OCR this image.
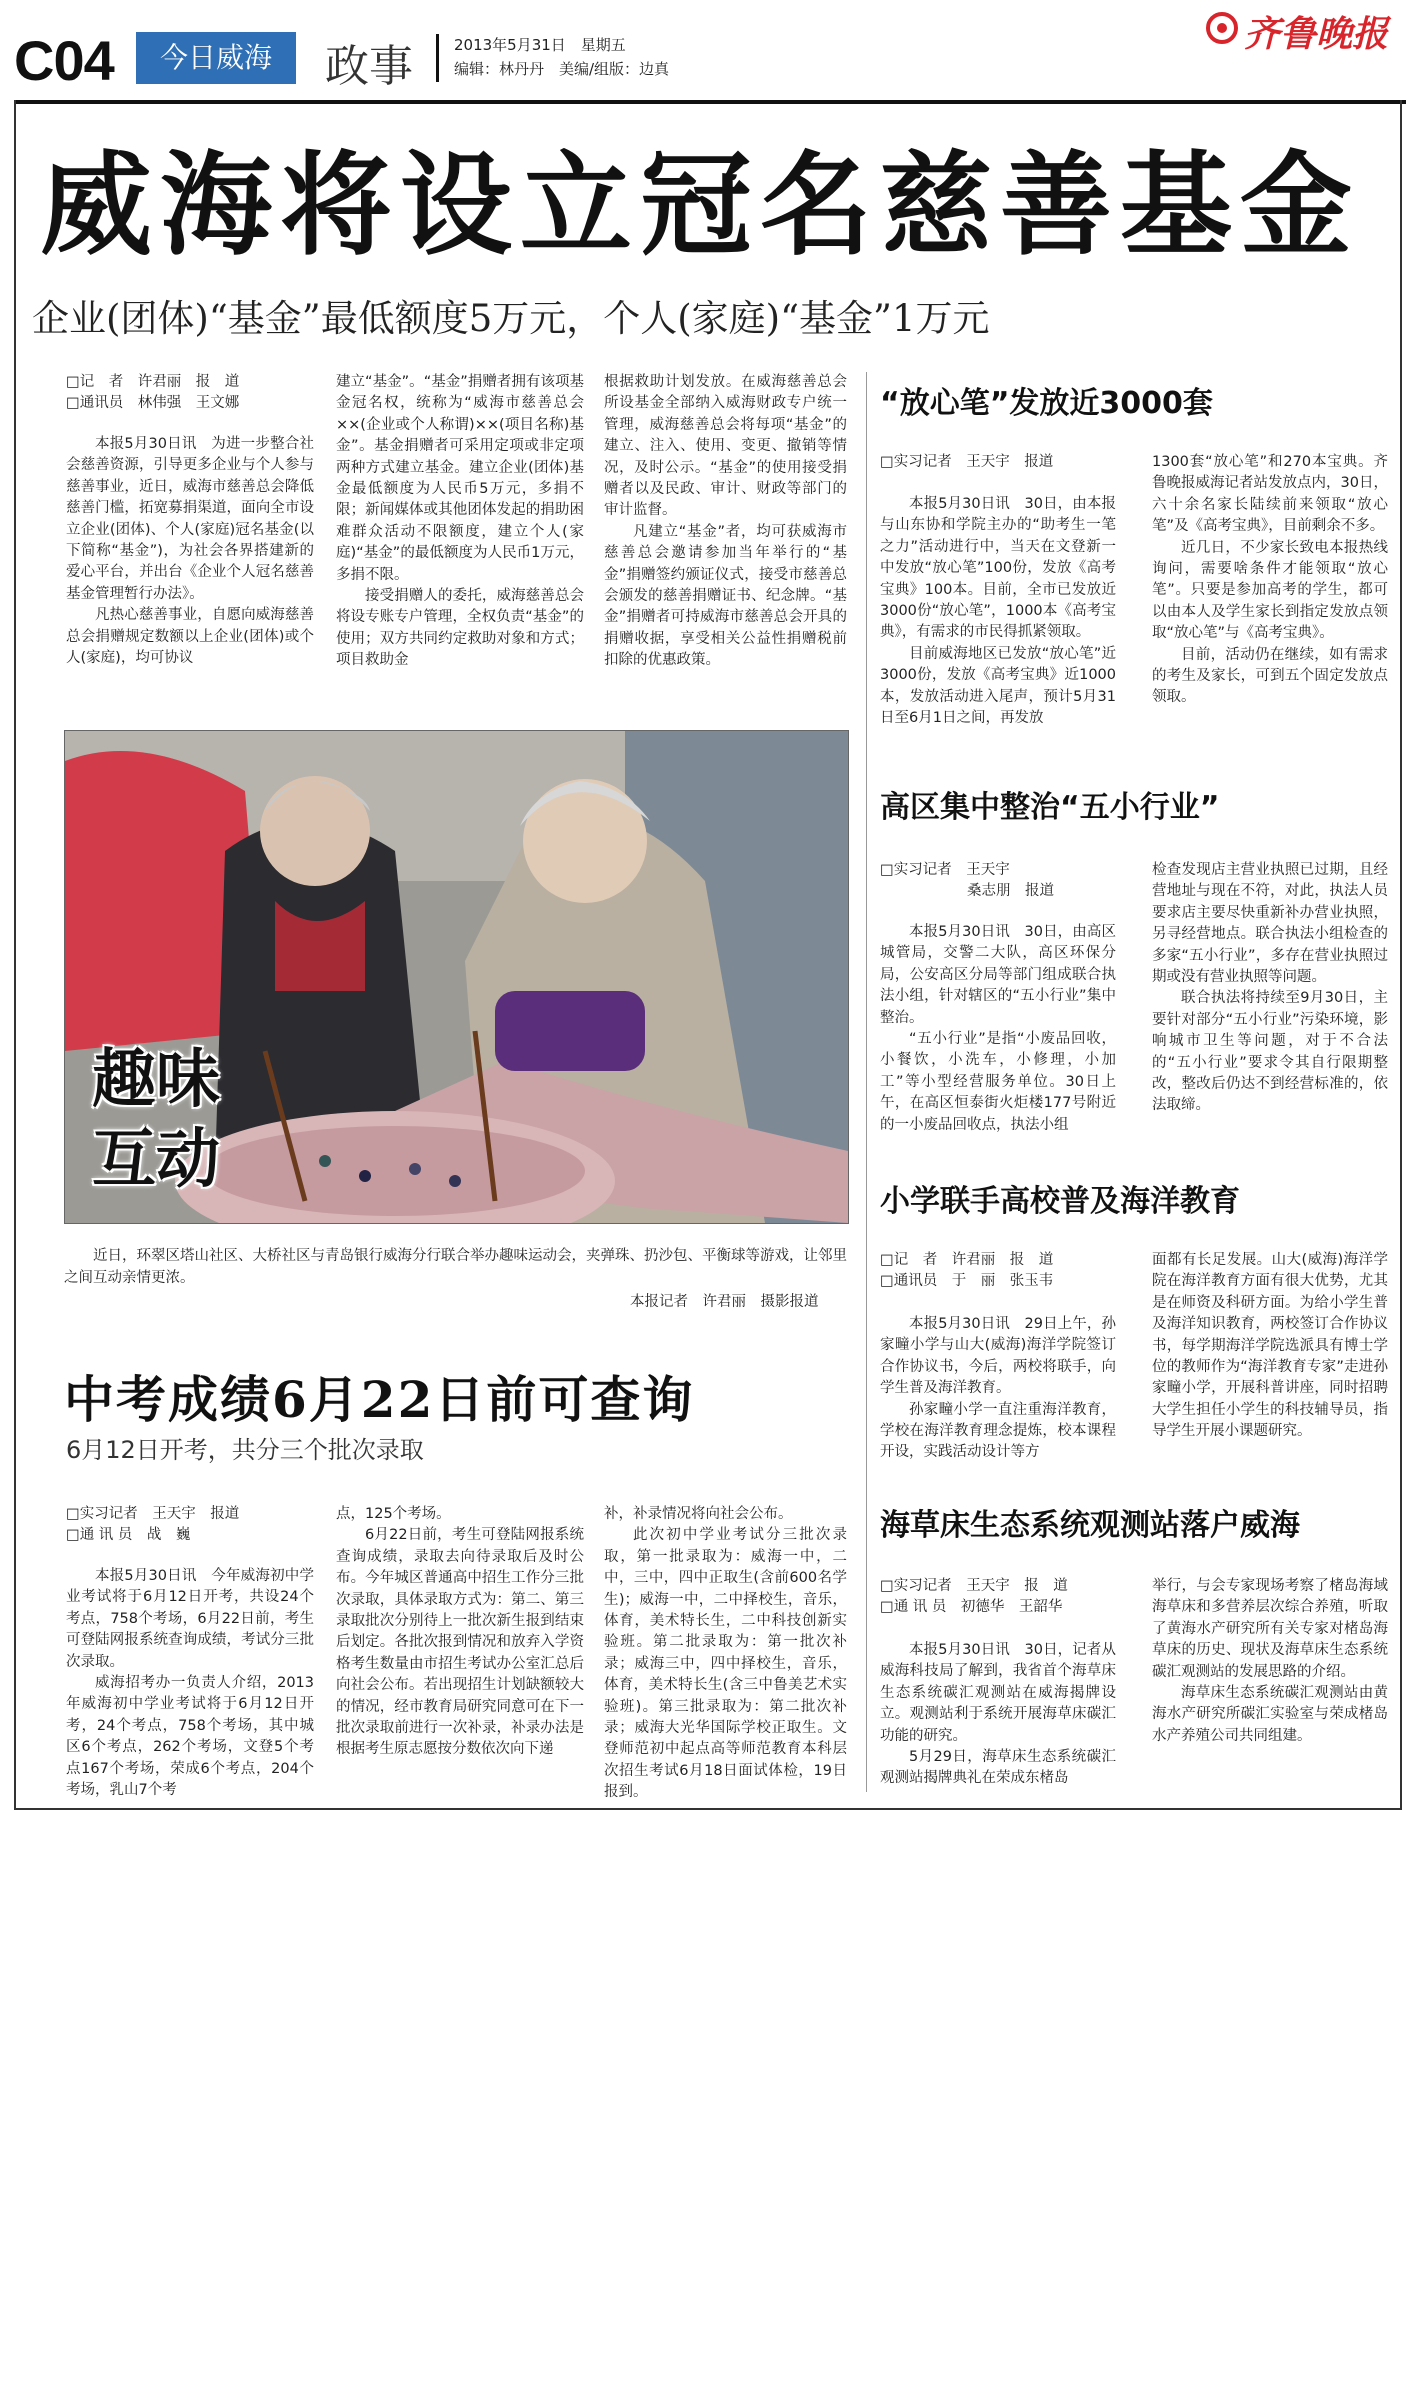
C04	今日威海	政事	2013年5月31日　星期五
编辑：林丹丹　美编/组版：边真
齐鲁晚报
威海将设立冠名慈善基金
企业(团体)“基金”最低额度5万元，个人(家庭)“基金”1万元
□记　者　许君丽　报　道
□通讯员　林伟强　王文娜

本报5月30日讯　为进一步整合社会慈善资源，引导更多企业与个人参与慈善事业，近日，威海市慈善总会降低慈善门槛，拓宽募捐渠道，面向全市设立企业(团体)、个人(家庭)冠名基金(以下简称“基金”)，为社会各界搭建新的爱心平台，并出台《企业个人冠名慈善基金管理暂行办法》。

凡热心慈善事业，自愿向威海慈善总会捐赠规定数额以上企业(团体)或个人(家庭)，均可协议

建立“基金”。“基金”捐赠者拥有该项基金冠名权，统称为“威海市慈善总会××(企业或个人称谓)××(项目名称)基金”。基金捐赠者可采用定项或非定项两种方式建立基金。建立企业(团体)基金最低额度为人民币5万元，多捐不限；新闻媒体或其他团体发起的捐助困难群众活动不限额度，建立个人(家庭)“基金”的最低额度为人民币1万元，多捐不限。

接受捐赠人的委托，威海慈善总会将设专账专户管理，全权负责“基金”的使用；双方共同约定救助对象和方式；项目救助金

根据救助计划发放。在威海慈善总会所设基金全部纳入威海财政专户统一管理，威海慈善总会将每项“基金”的建立、注入、使用、变更、撤销等情况，及时公示。“基金”的使用接受捐赠者以及民政、审计、财政等部门的审计监督。

凡建立“基金”者，均可获威海市慈善总会邀请参加当年举行的“基金”捐赠签约颁证仪式，接受市慈善总会颁发的慈善捐赠证书、纪念牌。“基金”捐赠者可持威海市慈善总会开具的捐赠收据，享受相关公益性捐赠税前扣除的优惠政策。

趣味
互动

近日，环翠区塔山社区、大桥社区与青岛银行威海分行联合举办趣味运动会，夹弹珠、扔沙包、平衡球等游戏，让邻里之间互动亲情更浓。

本报记者　许君丽　摄影报道
中考成绩6月22日前可查询
6月12日开考，共分三个批次录取
□实习记者　王天宇　报道
□通 讯 员　战　巍

本报5月30日讯　今年威海初中学业考试将于6月12日开考，共设24个考点，758个考场，6月22日前，考生可登陆网报系统查询成绩，考试分三批次录取。

威海招考办一负责人介绍，2013年威海初中学业考试将于6月12日开考，24个考点，758个考场，其中城区6个考点，262个考场，文登5个考点167个考场，荣成6个考点，204个考场，乳山7个考

点，125个考场。

6月22日前，考生可登陆网报系统查询成绩，录取去向待录取后及时公布。今年城区普通高中招生工作分三批次录取，具体录取方式为：第二、第三录取批次分别待上一批次新生报到结束后划定。各批次报到情况和放弃入学资格考生数量由市招生考试办公室汇总后向社会公布。若出现招生计划缺额较大的情况，经市教育局研究同意可在下一批次录取前进行一次补录，补录办法是根据考生原志愿按分数依次向下递

补，补录情况将向社会公布。

此次初中学业考试分三批次录取，第一批录取为：威海一中，二中，三中，四中正取生(含前600名学生)；威海一中，二中择校生，音乐，体育，美术特长生，二中科技创新实验班。第二批录取为：第一批次补录；威海三中，四中择校生，音乐，体育，美术特长生(含三中鲁美艺术实验班)。第三批录取为：第二批次补录；威海大光华国际学校正取生。文登师范初中起点高等师范教育本科层次招生考试6月18日面试体检，19日报到。

“放心笔”发放近3000套
□实习记者　王天宇　报道

本报5月30日讯　30日，由本报与山东协和学院主办的“助考生一笔之力”活动进行中，当天在文登新一中发放“放心笔”100份，发放《高考宝典》100本。目前，全市已发放近3000份“放心笔”，1000本《高考宝典》，有需求的市民得抓紧领取。

目前威海地区已发放“放心笔”近3000份，发放《高考宝典》近1000本，发放活动进入尾声，预计5月31日至6月1日之间，再发放

1300套“放心笔”和270本宝典。齐鲁晚报威海记者站发放点内，30日，六十余名家长陆续前来领取“放心笔”及《高考宝典》，目前剩余不多。

近几日，不少家长致电本报热线询问，需要啥条件才能领取“放心笔”。只要是参加高考的学生，都可以由本人及学生家长到指定发放点领取“放心笔”与《高考宝典》。

目前，活动仍在继续，如有需求的考生及家长，可到五个固定发放点领取。

高区集中整治“五小行业”
□实习记者　王天宇
　　　　　　桑志朋　报道

本报5月30日讯　30日，由高区城管局，交警二大队，高区环保分局，公安高区分局等部门组成联合执法小组，针对辖区的“五小行业”集中整治。

“五小行业”是指“小废品回收，小餐饮，小洗车，小修理，小加工”等小型经营服务单位。30日上午，在高区恒泰街火炬楼177号附近的一小废品回收点，执法小组

检查发现店主营业执照已过期，且经营地址与现在不符，对此，执法人员要求店主要尽快重新补办营业执照，另寻经营地点。联合执法小组检查的多家“五小行业”，多存在营业执照过期或没有营业执照等问题。

联合执法将持续至9月30日，主要针对部分“五小行业”污染环境，影响城市卫生等问题，对于不合法的“五小行业”要求令其自行限期整改，整改后仍达不到经营标准的，依法取缔。

小学联手高校普及海洋教育
□记　者　许君丽　报　道
□通讯员　于　丽　张玉韦

本报5月30日讯　29日上午，孙家疃小学与山大(威海)海洋学院签订合作协议书，今后，两校将联手，向学生普及海洋教育。

孙家疃小学一直注重海洋教育，学校在海洋教育理念提炼，校本课程开设，实践活动设计等方

面都有长足发展。山大(威海)海洋学院在海洋教育方面有很大优势，尤其是在师资及科研方面。为给小学生普及海洋知识教育，两校签订合作协议书，每学期海洋学院选派具有博士学位的教师作为“海洋教育专家”走进孙家疃小学，开展科普讲座，同时招聘大学生担任小学生的科技辅导员，指导学生开展小课题研究。

海草床生态系统观测站落户威海
□实习记者　王天宇　报　道
□通 讯 员　初德华　王韶华

本报5月30日讯　30日，记者从威海科技局了解到，我省首个海草床生态系统碳汇观测站在威海揭牌设立。观测站利于系统开展海草床碳汇功能的研究。

5月29日，海草床生态系统碳汇观测站揭牌典礼在荣成东楮岛

举行，与会专家现场考察了楮岛海域海草床和多营养层次综合养殖，听取了黄海水产研究所有关专家对楮岛海草床的历史、现状及海草床生态系统碳汇观测站的发展思路的介绍。

海草床生态系统碳汇观测站由黄海水产研究所碳汇实验室与荣成楮岛水产养殖公司共同组建。
